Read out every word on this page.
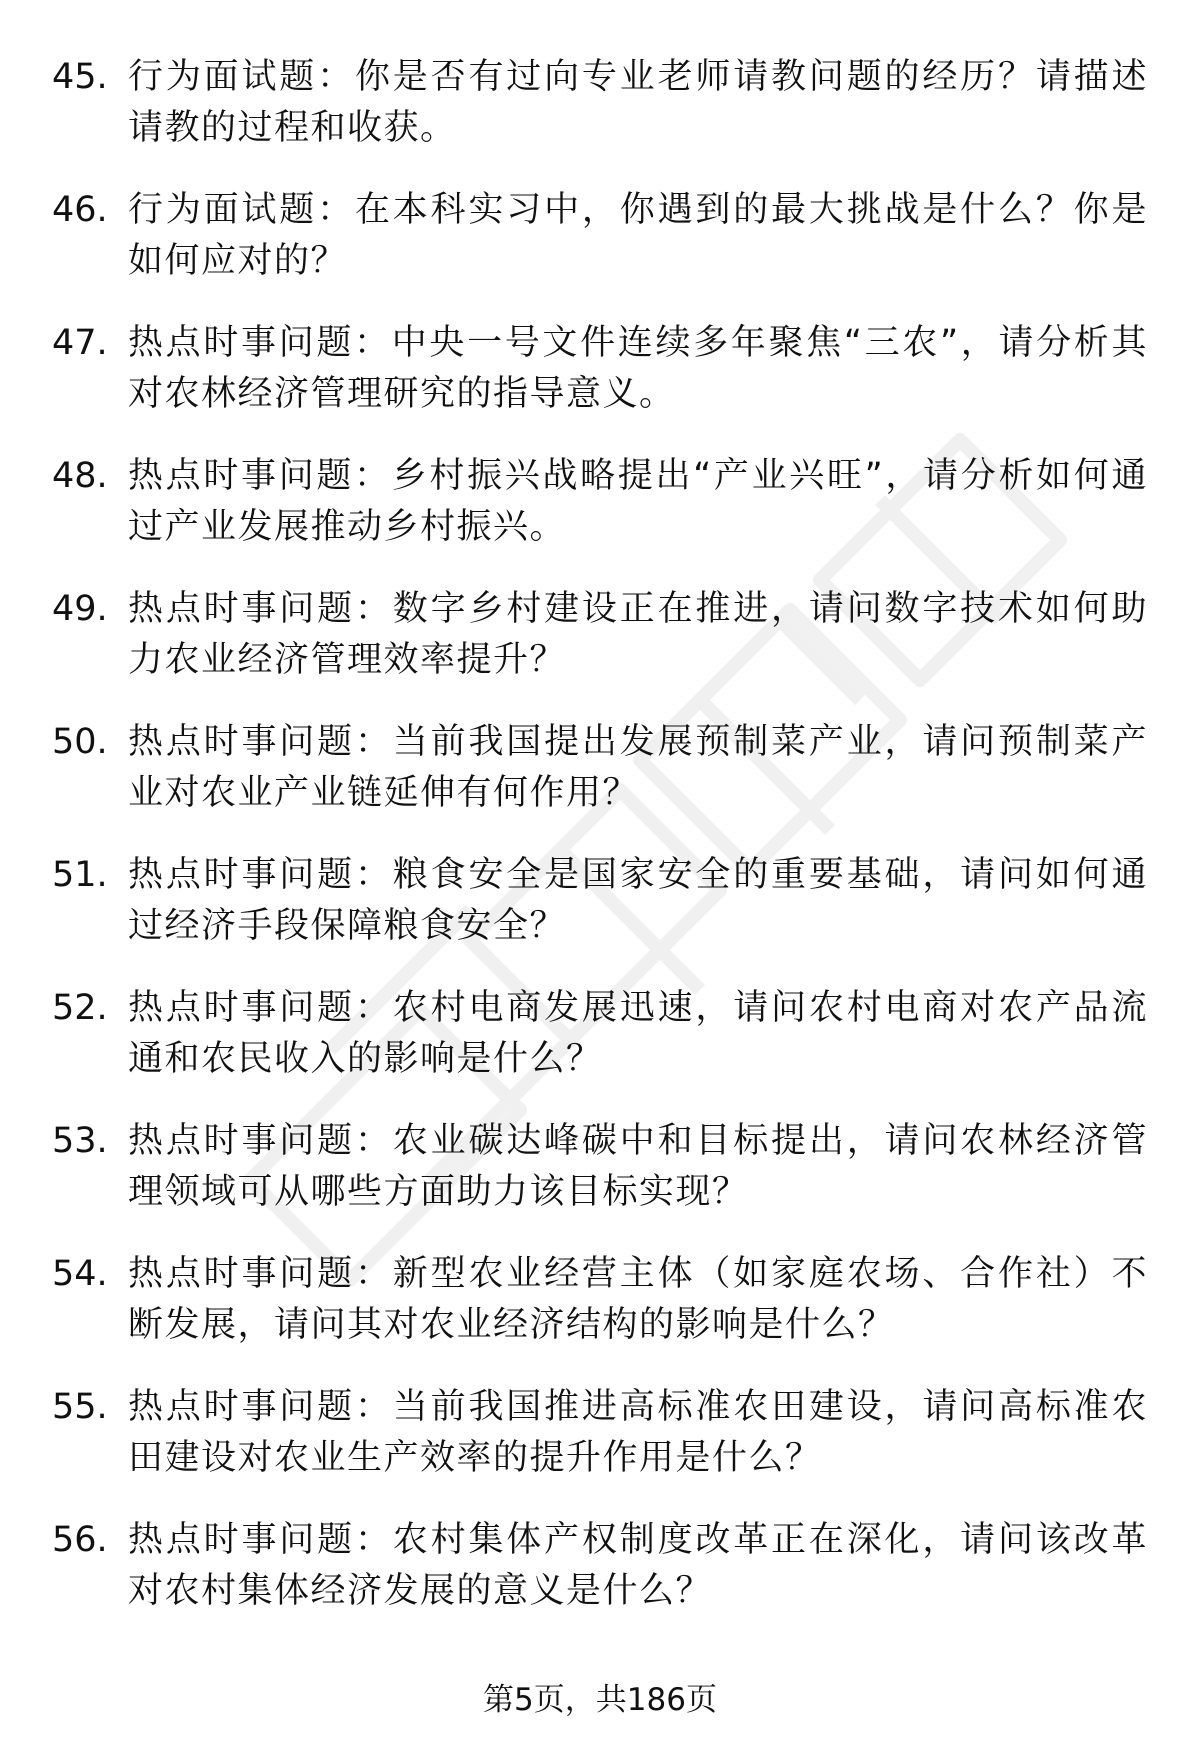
45. 行为面试题：你是否有过向专业老师请教问题的经历？请描述请教的过程和收获。
46. 行为面试题：在本科实习中，你遇到的最大挑战是什么？你是如何应对的？
47. 热点时事问题：中央一号文件连续多年聚焦“三农”，请分析其对农林经济管理研究的指导意义。
48. 热点时事问题：乡村振兴战略提出“产业兴旺”，请分析如何通过产业发展推动乡村振兴。
49. 热点时事问题：数字乡村建设正在推进，请问数字技术如何助力农业经济管理效率提升？
50. 热点时事问题：当前我国提出发展预制菜产业，请问预制菜产业对农业产业链延伸有何作用？
51. 热点时事问题：粮食安全是国家安全的重要基础，请问如何通过经济手段保障粮食安全？
52. 热点时事问题：农村电商发展迅速，请问农村电商对农产品流通和农民收入的影响是什么？
53. 热点时事问题：农业碳达峰碳中和目标提出，请问农林经济管理领域可从哪些方面助力该目标实现？
54. 热点时事问题：新型农业经营主体（如家庭农场、合作社）不断发展，请问其对农业经济结构的影响是什么？
55. 热点时事问题：当前我国推进高标准农田建设，请问高标准农田建设对农业生产效率的提升作用是什么？
56. 热点时事问题：农村集体产权制度改革正在深化，请问该改革对农村集体经济发展的意义是什么？
第5页，共186页
